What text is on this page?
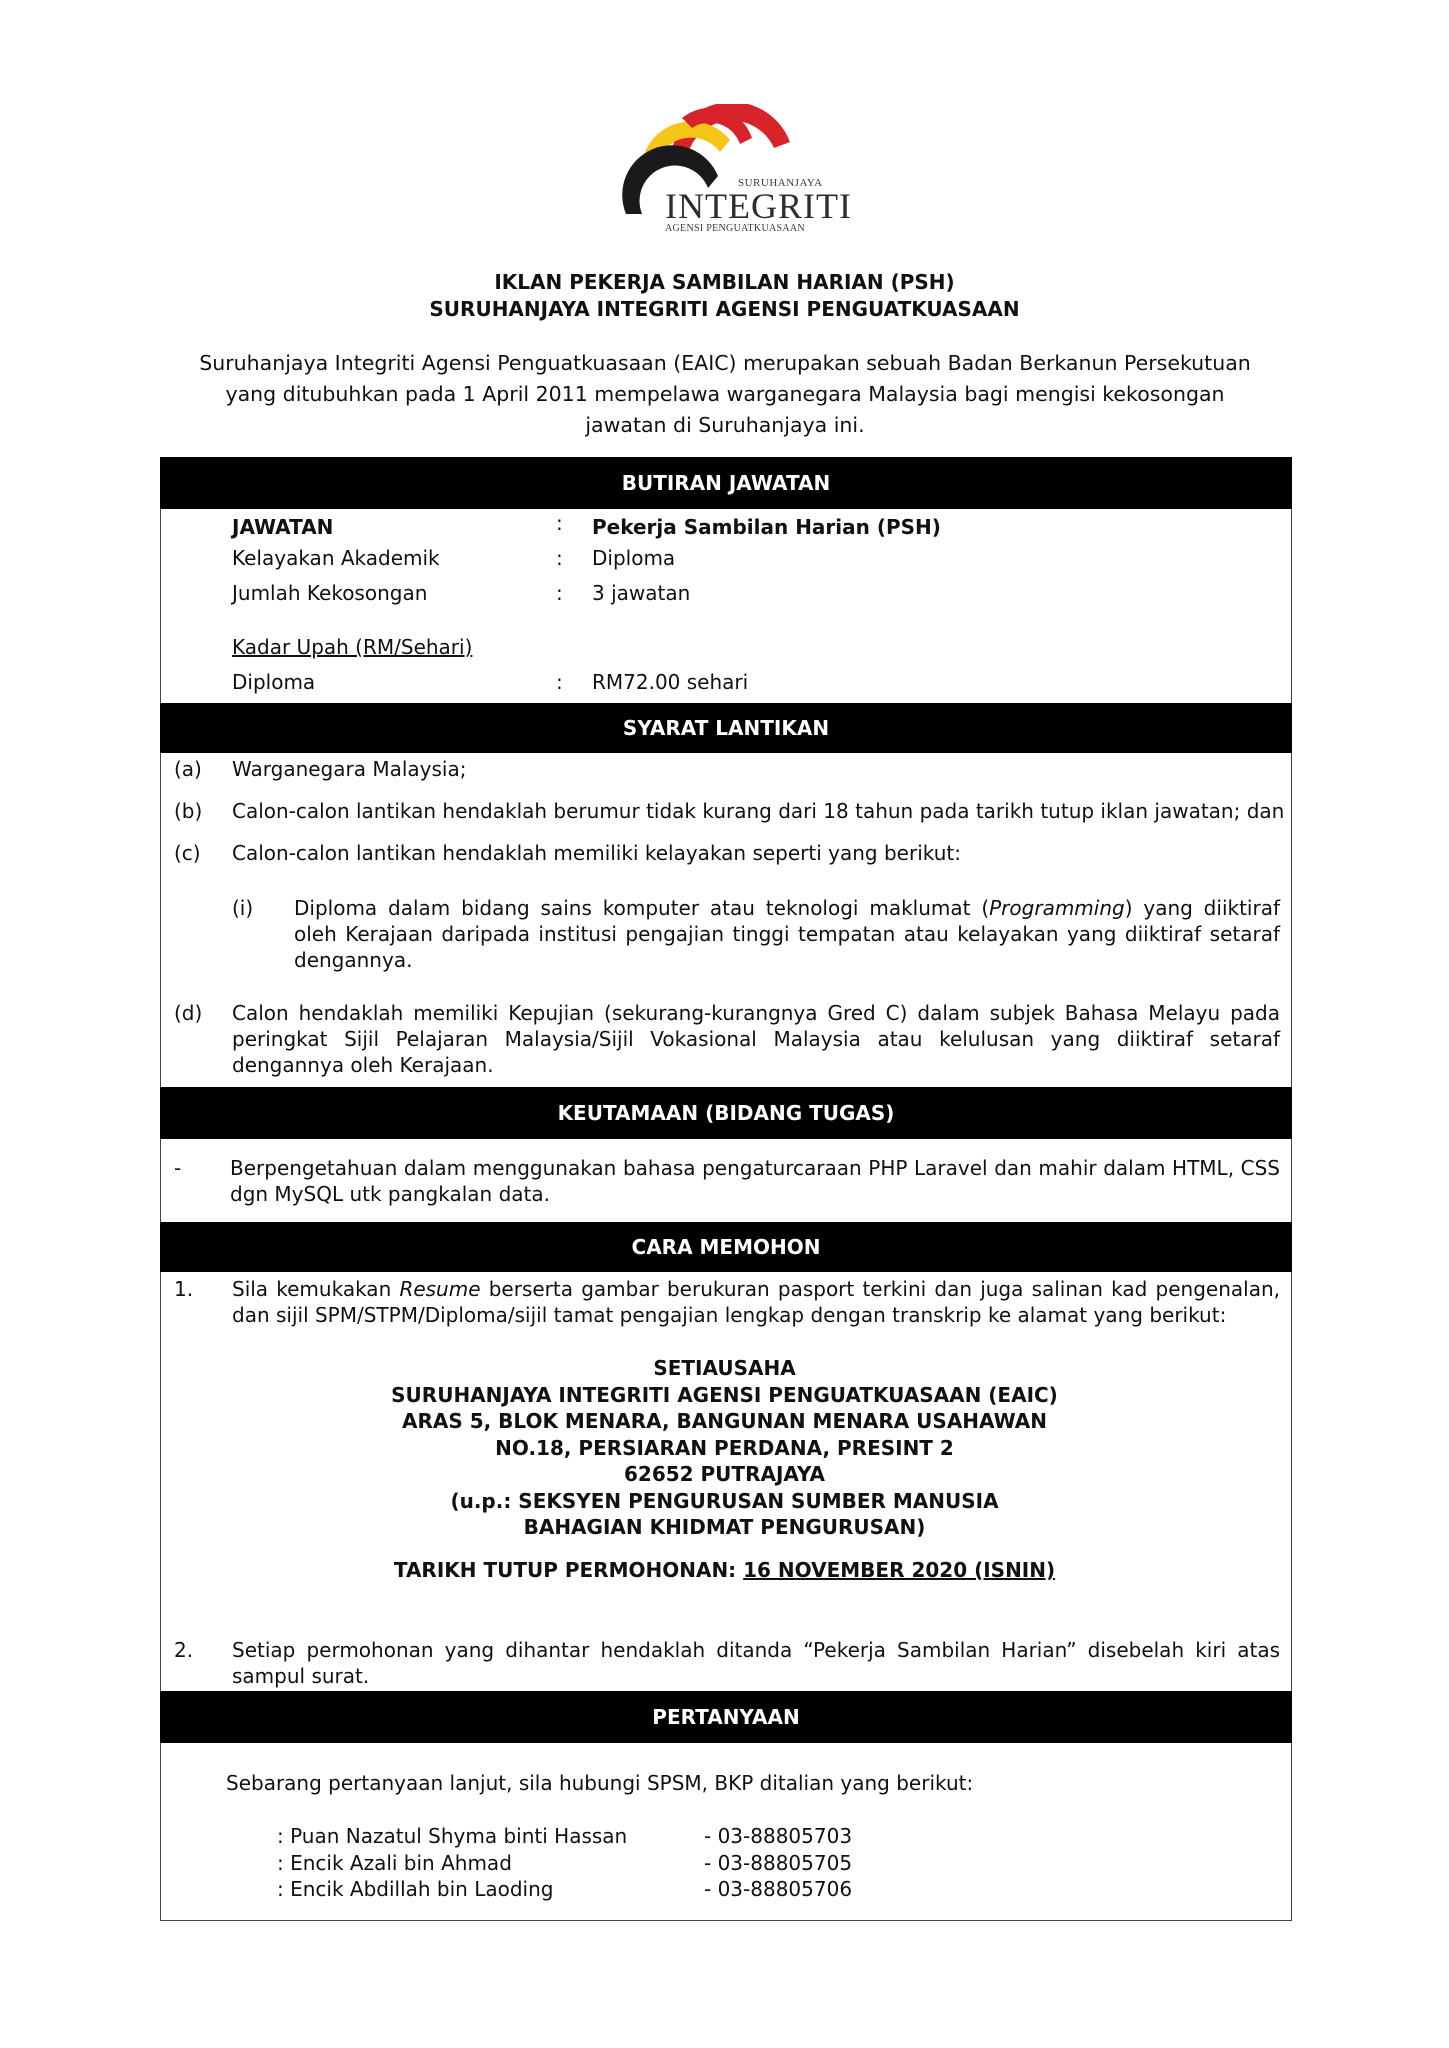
SURUHANJAYA
INTEGRITI
AGENSI PENGUATKUASAAN
IKLAN PEKERJA SAMBILAN HARIAN (PSH)
SURUHANJAYA INTEGRITI AGENSI PENGUATKUASAAN
Suruhanjaya Integriti Agensi Penguatkuasaan (EAIC) merupakan sebuah Badan Berkanun Persekutuan yang ditubuhkan pada 1 April 2011 mempelawa warganegara Malaysia bagi mengisi kekosongan jawatan di Suruhanjaya ini.
BUTIRAN JAWATAN
JAWATAN	: Pekerja Sambilan Harian (PSH)
Kelayakan Akademik	: Diploma
Jumlah Kekosongan	: 3 jawatan
Kadar Upah (RM/Sehari)
Diploma	: RM72.00 sehari
SYARAT LANTIKAN
(a) Warganegara Malaysia;
(b) Calon-calon lantikan hendaklah berumur tidak kurang dari 18 tahun pada tarikh tutup iklan jawatan; dan
(c) Calon-calon lantikan hendaklah memiliki kelayakan seperti yang berikut:
(i) Diploma dalam bidang sains komputer atau teknologi maklumat (Programming) yang diiktiraf oleh Kerajaan daripada institusi pengajian tinggi tempatan atau kelayakan yang diiktiraf setaraf dengannya.
(d) Calon hendaklah memiliki Kepujian (sekurang-kurangnya Gred C) dalam subjek Bahasa Melayu pada peringkat Sijil Pelajaran Malaysia/Sijil Vokasional Malaysia atau kelulusan yang diiktiraf setaraf dengannya oleh Kerajaan.
KEUTAMAAN (BIDANG TUGAS)
- Berpengetahuan dalam menggunakan bahasa pengaturcaraan PHP Laravel dan mahir dalam HTML, CSS dgn MySQL utk pangkalan data.
CARA MEMOHON
1. Sila kemukakan Resume berserta gambar berukuran pasport terkini dan juga salinan kad pengenalan, dan sijil SPM/STPM/Diploma/sijil tamat pengajian lengkap dengan transkrip ke alamat yang berikut:
SETIAUSAHA
SURUHANJAYA INTEGRITI AGENSI PENGUATKUASAAN (EAIC)
ARAS 5, BLOK MENARA, BANGUNAN MENARA USAHAWAN
NO.18, PERSIARAN PERDANA, PRESINT 2
62652 PUTRAJAYA
(u.p.: SEKSYEN PENGURUSAN SUMBER MANUSIA
BAHAGIAN KHIDMAT PENGURUSAN)
TARIKH TUTUP PERMOHONAN: 16 NOVEMBER 2020 (ISNIN)
2. Setiap permohonan yang dihantar hendaklah ditanda “Pekerja Sambilan Harian” disebelah kiri atas sampul surat.
PERTANYAAN
Sebarang pertanyaan lanjut, sila hubungi SPSM, BKP ditalian yang berikut:
: Puan Nazatul Shyma binti Hassan	- 03-88805703
: Encik Azali bin Ahmad	- 03-88805705
: Encik Abdillah bin Laoding	- 03-88805706
